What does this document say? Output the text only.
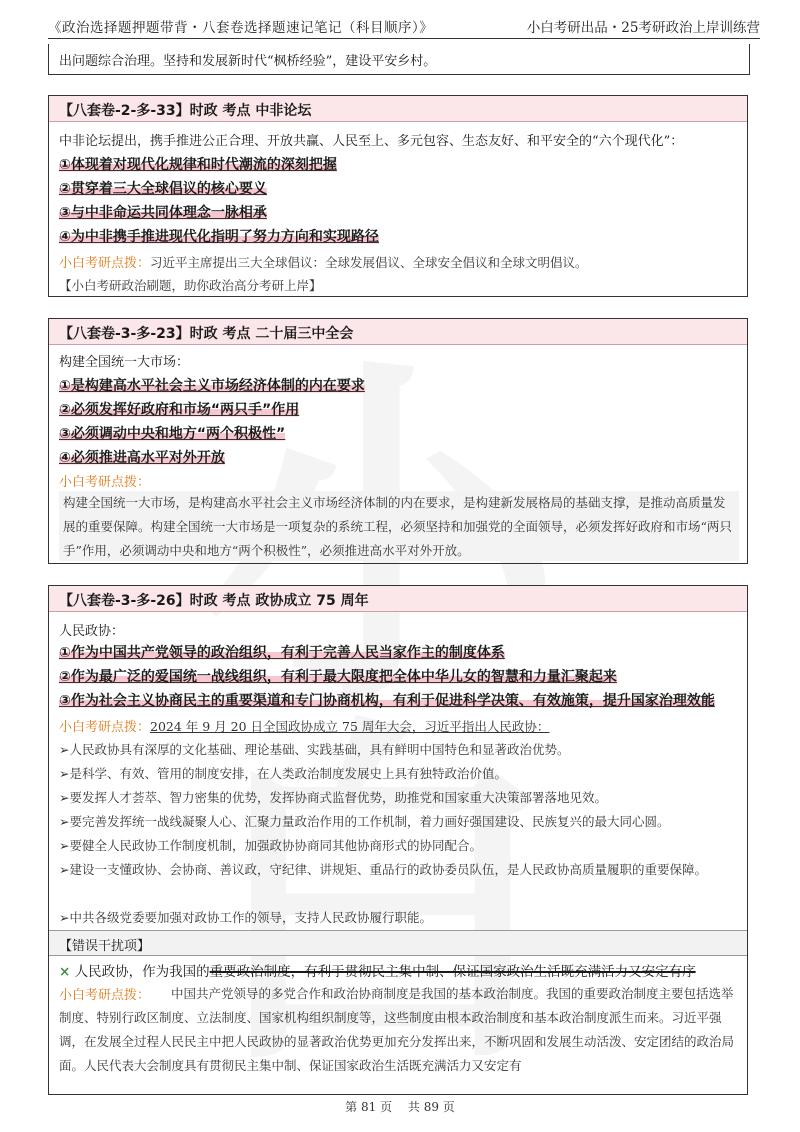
《政治选择题押题带背・八套卷选择题速记笔记（科目顺序）》	小白考研出品・25考研政治上岸训练营
出问题综合治理。坚持和发展新时代“枫桥经验”，建设平安乡村。
【八套卷-2-多-33】时政 考点 中非论坛
中非论坛提出，携手推进公正合理、开放共赢、人民至上、多元包容、生态友好、和平安全的“六个现代化”：
①体现着对现代化规律和时代潮流的深刻把握
②贯穿着三大全球倡议的核心要义
③与中非命运共同体理念一脉相承
④为中非携手推进现代化指明了努力方向和实现路径
小白考研点拨：习近平主席提出三大全球倡议：全球发展倡议、全球安全倡议和全球文明倡议。
【小白考研政治刷题，助你政治高分考研上岸】
【八套卷-3-多-23】时政 考点 二十届三中全会
构建全国统一大市场：
①是构建高水平社会主义市场经济体制的内在要求
②必须发挥好政府和市场“两只手”作用
③必须调动中央和地方“两个积极性”
④必须推进高水平对外开放
小白考研点拨：
构建全国统一大市场，是构建高水平社会主义市场经济体制的内在要求，是构建新发展格局的基础支撑，是推动高质量发展的重要保障。构建全国统一大市场是一项复杂的系统工程，必须坚持和加强党的全面领导，必须发挥好政府和市场“两只手”作用，必须调动中央和地方“两个积极性”，必须推进高水平对外开放。
【八套卷-3-多-26】时政 考点 政协成立 75 周年
人民政协：
①作为中国共产党领导的政治组织，有利于完善人民当家作主的制度体系
②作为最广泛的爱国统一战线组织，有利于最大限度把全体中华儿女的智慧和力量汇聚起来
③作为社会主义协商民主的重要渠道和专门协商机构，有利于促进科学决策、有效施策，提升国家治理效能
小白考研点拨：2024 年 9 月 20 日全国政协成立 75 周年大会，习近平指出人民政协：
➢人民政协具有深厚的文化基础、理论基础、实践基础，具有鲜明中国特色和显著政治优势。
➢是科学、有效、管用的制度安排，在人类政治制度发展史上具有独特政治价值。
➢要发挥人才荟萃、智力密集的优势，发挥协商式监督优势，助推党和国家重大决策部署落地见效。
➢要完善发挥统一战线凝聚人心、汇聚力量政治作用的工作机制，着力画好强国建设、民族复兴的最大同心圆。
➢要健全人民政协工作制度机制，加强政协协商同其他协商形式的协同配合。
➢建设一支懂政协、会协商、善议政，守纪律、讲规矩、重品行的政协委员队伍，是人民政协高质量履职的重要保障。
➢中共各级党委要加强对政协工作的领导，支持人民政协履行职能。
【错误干扰项】
× 人民政协，作为我国的重要政治制度，有利于贯彻民主集中制、保证国家政治生活既充满活力又安定有序
小白考研点拨：	中国共产党领导的多党合作和政治协商制度是我国的基本政治制度。我国的重要政治制度主要包括选举制度、特别行政区制度、立法制度、国家机构组织制度等，这些制度由根本政治制度和基本政治制度派生而来。习近平强调，在发展全过程人民民主中把人民政协的显著政治优势更加充分发挥出来，不断巩固和发展生动活泼、安定团结的政治局面。人民代表大会制度具有贯彻民主集中制、保证国家政治生活既充满活力又安定有
第 81 页 共 89 页
